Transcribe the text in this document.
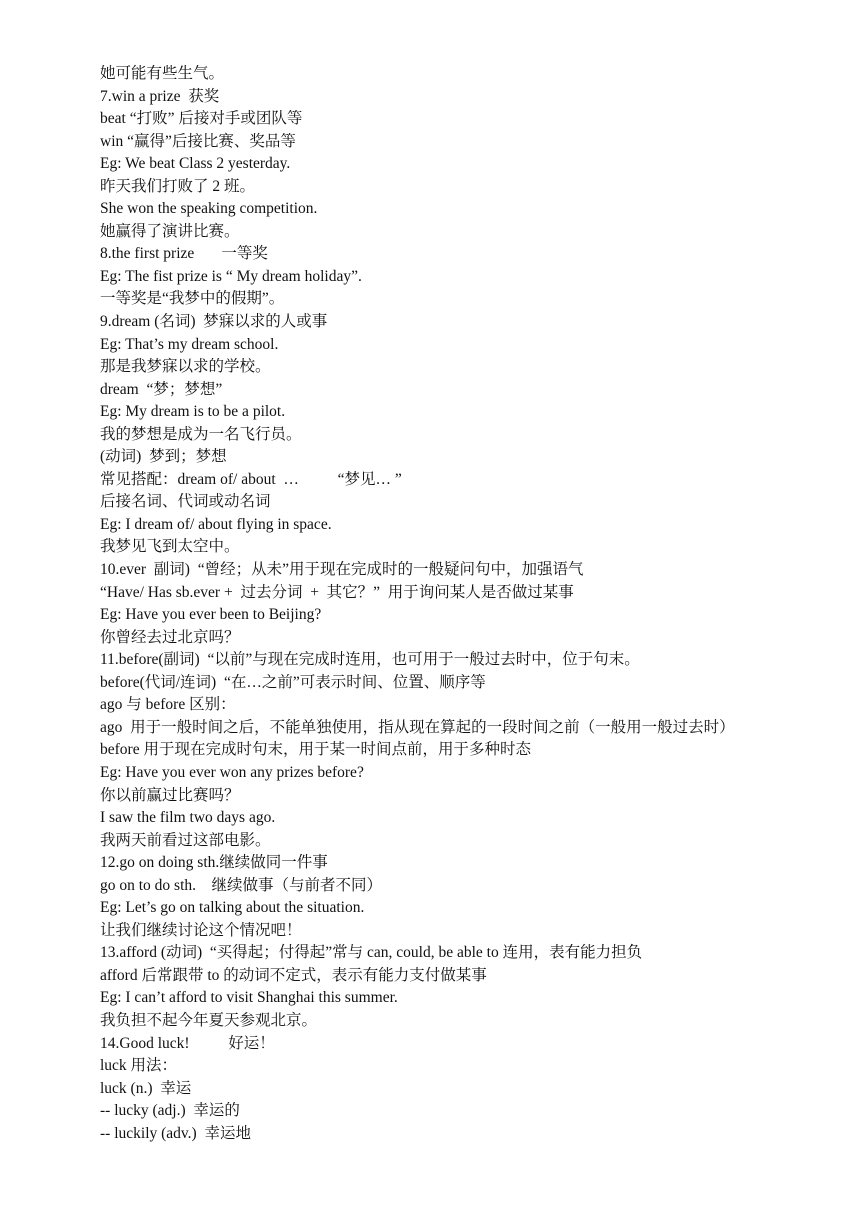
她可能有些生气。
7.win a prize  获奖
beat “打败” 后接对手或团队等
win “赢得”后接比赛、奖品等
Eg: We beat Class 2 yesterday.
昨天我们打败了 2 班。
She won the speaking competition.
她赢得了演讲比赛。
8.the first prize       一等奖
Eg: The fist prize is “ My dream holiday”.
一等奖是“我梦中的假期”。
9.dream (名词)  梦寐以求的人或事
Eg: That’s my dream school.
那是我梦寐以求的学校。
dream  “梦；梦想”
Eg: My dream is to be a pilot.
我的梦想是成为一名飞行员。
(动词)  梦到；梦想
常见搭配：dream of/ about  …          “梦见… ”
后接名词、代词或动名词
Eg: I dream of/ about flying in space.
我梦见飞到太空中。
10.ever  副词)  “曾经；从未”用于现在完成时的一般疑问句中，加强语气
“Have/ Has sb.ever +  过去分词  +  其它？”  用于询问某人是否做过某事
Eg: Have you ever been to Beijing?
你曾经去过北京吗？
11.before(副词)  “以前”与现在完成时连用，也可用于一般过去时中，位于句末。
before(代词/连词)  “在…之前”可表示时间、位置、顺序等
ago 与 before 区别：
ago  用于一般时间之后，不能单独使用，指从现在算起的一段时间之前（一般用一般过去时）
before 用于现在完成时句末，用于某一时间点前，用于多种时态
Eg: Have you ever won any prizes before?
你以前赢过比赛吗？
I saw the film two days ago.
我两天前看过这部电影。
12.go on doing sth.继续做同一件事
go on to do sth.    继续做事（与前者不同）
Eg: Let’s go on talking about the situation.
让我们继续讨论这个情况吧！
13.afford (动词)  “买得起；付得起”常与 can, could, be able to 连用，表有能力担负
afford 后常跟带 to 的动词不定式，表示有能力支付做某事
Eg: I can’t afford to visit Shanghai this summer.
我负担不起今年夏天参观北京。
14.Good luck!          好运！
luck 用法：
luck (n.)  幸运
-- lucky (adj.)  幸运的
-- luckily (adv.)  幸运地
